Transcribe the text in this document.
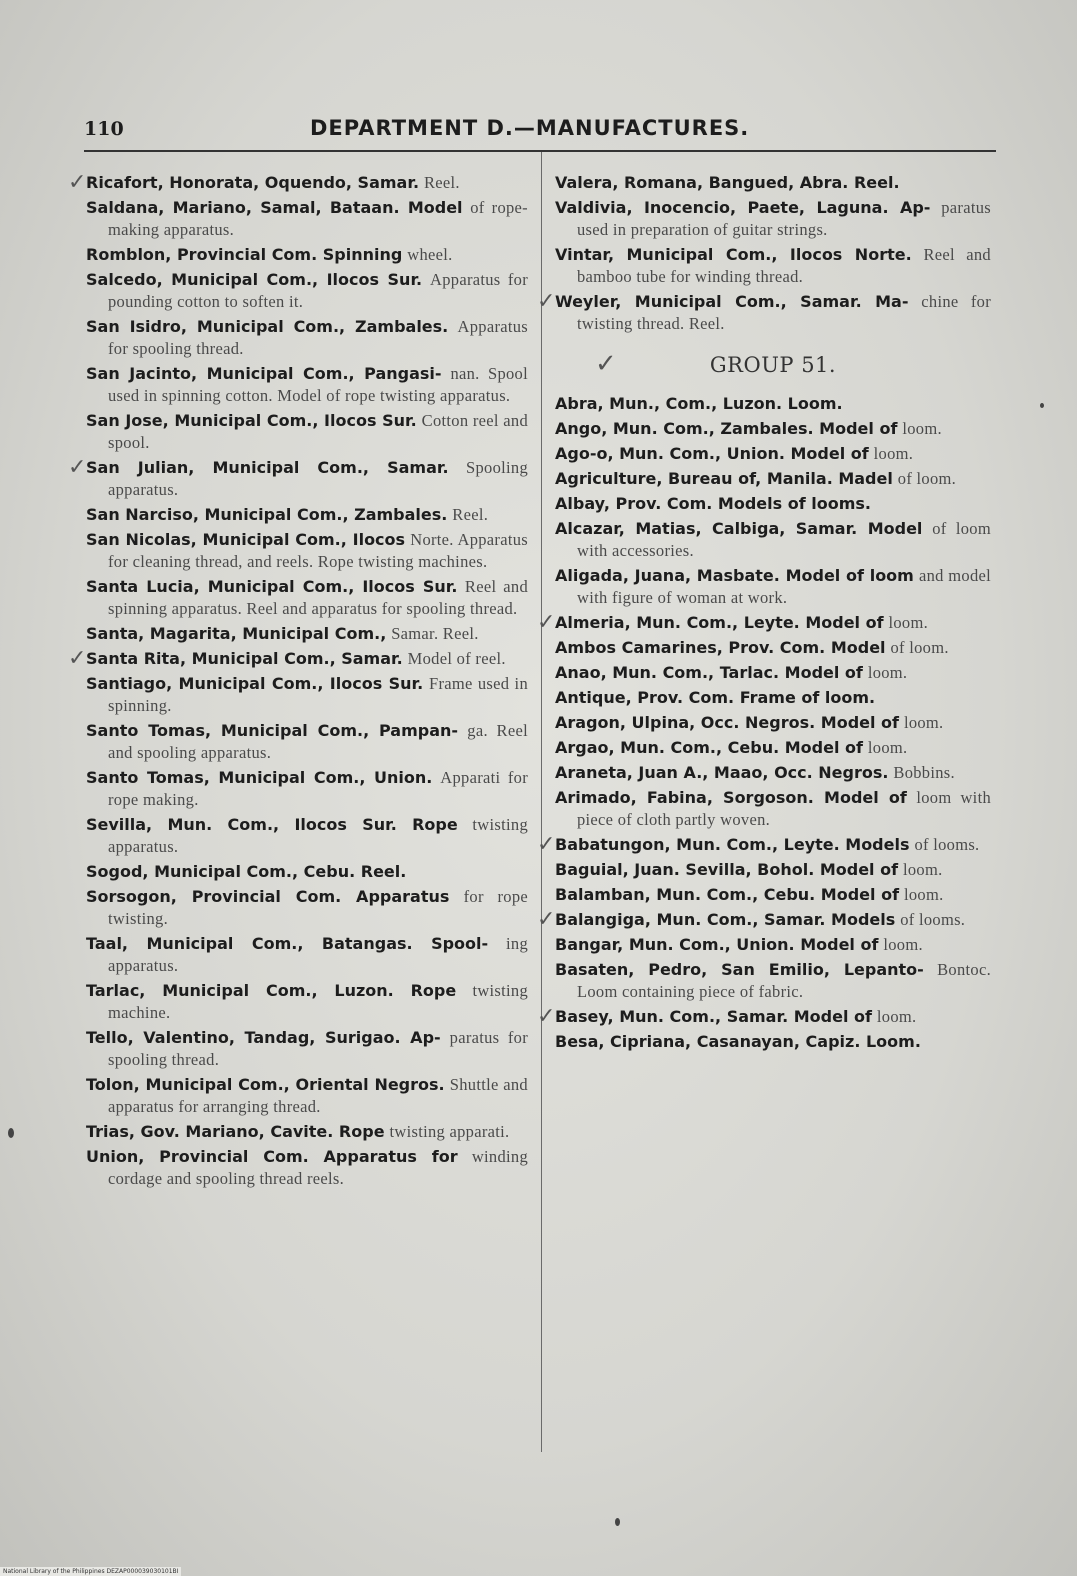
110	DEPARTMENT D.—MANUFACTURES.
✓ Ricafort, Honorata, Oquendo, Samar. Reel.
Saldana, Mariano, Samal, Bataan. Model of rope-making apparatus.
Romblon, Provincial Com. Spinning wheel.
Salcedo, Municipal Com., Ilocos Sur. Apparatus for pounding cotton to soften it.
San Isidro, Municipal Com., Zambales. Apparatus for spooling thread.
San Jacinto, Municipal Com., Pangasi- nan. Spool used in spinning cotton. Model of rope twisting apparatus.
San Jose, Municipal Com., Ilocos Sur. Cotton reel and spool.
✓ San Julian, Municipal Com., Samar. Spooling apparatus.
San Narciso, Municipal Com., Zambales. Reel.
San Nicolas, Municipal Com., Ilocos Norte. Apparatus for cleaning thread, and reels. Rope twisting machines.
Santa Lucia, Municipal Com., Ilocos Sur. Reel and spinning apparatus. Reel and apparatus for spooling thread.
Santa, Magarita, Municipal Com., Samar. Reel.
✓ Santa Rita, Municipal Com., Samar. Model of reel.
Santiago, Municipal Com., Ilocos Sur. Frame used in spinning.
Santo Tomas, Municipal Com., Pampan- ga. Reel and spooling apparatus.
Santo Tomas, Municipal Com., Union. Apparati for rope making.
Sevilla, Mun. Com., Ilocos Sur. Rope twisting apparatus.
Sogod, Municipal Com., Cebu. Reel.
Sorsogon, Provincial Com. Apparatus for rope twisting.
Taal, Municipal Com., Batangas. Spool- ing apparatus.
Tarlac, Municipal Com., Luzon. Rope twisting machine.
Tello, Valentino, Tandag, Surigao. Ap- paratus for spooling thread.
Tolon, Municipal Com., Oriental Negros. Shuttle and apparatus for arranging thread.
Trias, Gov. Mariano, Cavite. Rope twisting apparati.
Union, Provincial Com. Apparatus for winding cordage and spooling thread reels.
Valera, Romana, Bangued, Abra. Reel.
Valdivia, Inocencio, Paete, Laguna. Ap- paratus used in preparation of guitar strings.
Vintar, Municipal Com., Ilocos Norte. Reel and bamboo tube for winding thread.
✓ Weyler, Municipal Com., Samar. Ma- chine for twisting thread. Reel.
✓	GROUP 51.
Abra, Mun., Com., Luzon. Loom.
Ango, Mun. Com., Zambales. Model of loom.
Ago-o, Mun. Com., Union. Model of loom.
Agriculture, Bureau of, Manila. Madel of loom.
Albay, Prov. Com. Models of looms.
Alcazar, Matias, Calbiga, Samar. Model of loom with accessories.
Aligada, Juana, Masbate. Model of loom and model with figure of woman at work.
✓ Almeria, Mun. Com., Leyte. Model of loom.
Ambos Camarines, Prov. Com. Model of loom.
Anao, Mun. Com., Tarlac. Model of loom.
Antique, Prov. Com. Frame of loom.
Aragon, Ulpina, Occ. Negros. Model of loom.
Argao, Mun. Com., Cebu. Model of loom.
Araneta, Juan A., Maao, Occ. Negros. Bobbins.
Arimado, Fabina, Sorgoson. Model of loom with piece of cloth partly woven.
✓ Babatungon, Mun. Com., Leyte. Models of looms.
Baguial, Juan. Sevilla, Bohol. Model of loom.
Balamban, Mun. Com., Cebu. Model of loom.
✓ Balangiga, Mun. Com., Samar. Models of looms.
Bangar, Mun. Com., Union. Model of loom.
Basaten, Pedro, San Emilio, Lepanto- Bontoc. Loom containing piece of fabric.
✓ Basey, Mun. Com., Samar. Model of loom.
Besa, Cipriana, Casanayan, Capiz. Loom.
National Library of the Philippines DEZAP000039030101BI
